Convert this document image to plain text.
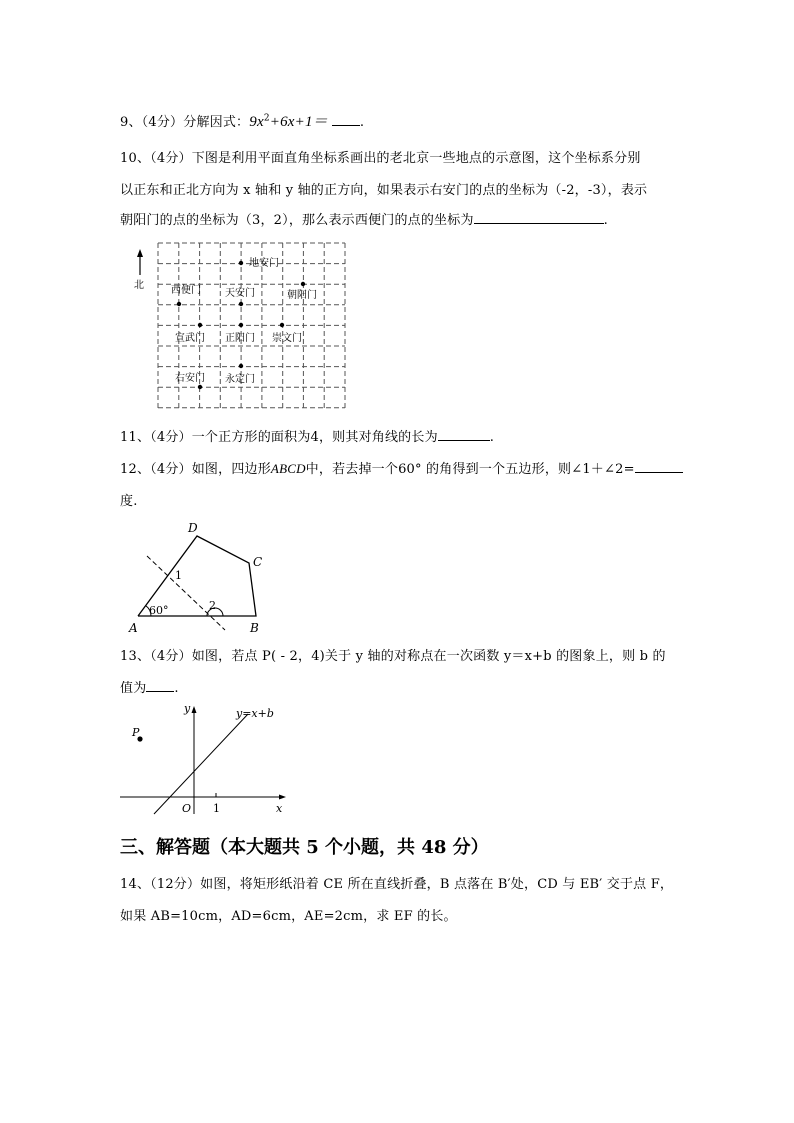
9、（4分）分解因式：$9x^2+6x+1=$ .
10、（4分）下图是利用平面直角坐标系画出的老北京一些地点的示意图，这个坐标系分别
以正东和正北方向为 x 轴和 y 轴的正方向，如果表示右安门的点的坐标为（-2，-3），表示
朝阳门的点的坐标为（3，2），那么表示西便门的点的坐标为	.
北
地安门
西便门 天安门	朝阳门
宣武门 正阳门 崇文门
右安门 永定门
11、（4分）一个正方形的面积为4，则其对角线的长为	.
12、（4分）如图，四边形ABCD中，若去掉一个60° 的角得到一个五边形，则∠1＋∠2=
度.
A	B
C
D
1
2
60°
13、（4分）如图，若点 P( - 2，4)关于 y 轴的对称点在一次函数 y＝x+b 的图象上，则 b 的
值为 .
y
x
O
P
y=x+b
1
三、解答题（本大题共 5 个小题，共 48 分）
14、（12分）如图，将矩形纸沿着 CE 所在直线折叠，B 点落在 B′处，CD 与 EB′ 交于点 F，
如果 AB=10cm，AD=6cm，AE=2cm，求 EF 的长。
